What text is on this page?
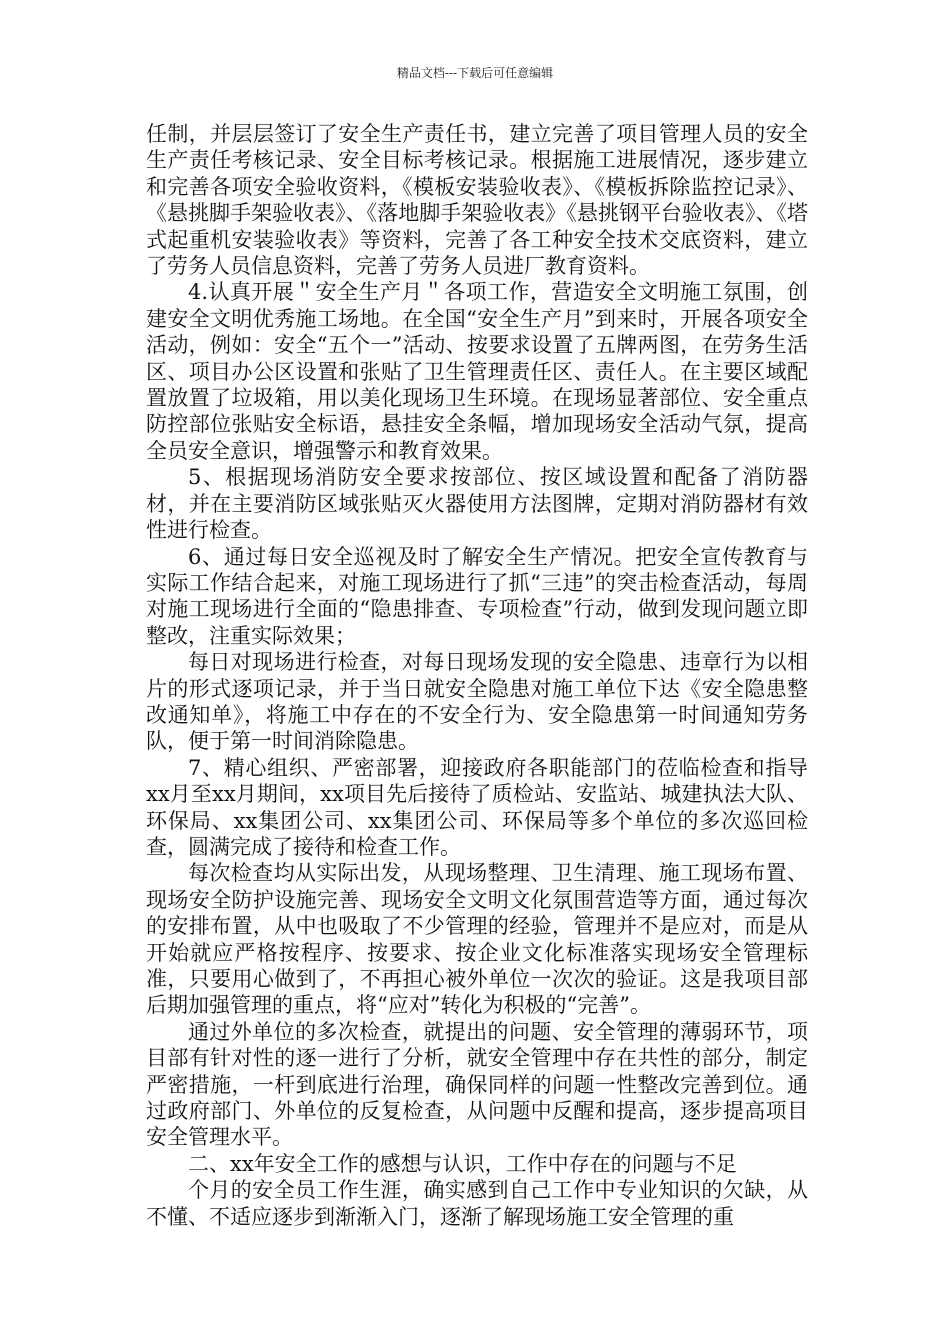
精品文档---下载后可任意编辑

任制，并层层签订了安全生产责任书，建立完善了项目管理人员的安全生产责任考核记录、安全目标考核记录。根据施工进展情况，逐步建立和完善各项安全验收资料，《模板安装验收表》、《模板拆除监控记录》、《悬挑脚手架验收表》、《落地脚手架验收表》《悬挑钢平台验收表》、《塔式起重机安装验收表》等资料，完善了各工种安全技术交底资料，建立了劳务人员信息资料，完善了劳务人员进厂教育资料。

4.认真开展＂安全生产月＂各项工作，营造安全文明施工氛围，创建安全文明优秀施工场地。在全国“安全生产月”到来时，开展各项安全活动，例如：安全“五个一”活动、按要求设置了五牌两图，在劳务生活区、项目办公区设置和张贴了卫生管理责任区、责任人。在主要区域配置放置了垃圾箱，用以美化现场卫生环境。在现场显著部位、安全重点防控部位张贴安全标语，悬挂安全条幅，增加现场安全活动气氛，提高全员安全意识，增强警示和教育效果。

5、根据现场消防安全要求按部位、按区域设置和配备了消防器材，并在主要消防区域张贴灭火器使用方法图牌，定期对消防器材有效性进行检查。

6、通过每日安全巡视及时了解安全生产情况。把安全宣传教育与实际工作结合起来，对施工现场进行了抓“三违”的突击检查活动，每周对施工现场进行全面的“隐患排查、专项检查”行动，做到发现问题立即整改，注重实际效果；

每日对现场进行检查，对每日现场发现的安全隐患、违章行为以相片的形式逐项记录，并于当日就安全隐患对施工单位下达《安全隐患整改通知单》，将施工中存在的不安全行为、安全隐患第一时间通知劳务队，便于第一时间消除隐患。

7、精心组织、严密部署，迎接政府各职能部门的莅临检查和指导xx月至xx月期间，xx项目先后接待了质检站、安监站、城建执法大队、环保局、xx集团公司、xx集团公司、环保局等多个单位的多次巡回检查，圆满完成了接待和检查工作。

每次检查均从实际出发，从现场整理、卫生清理、施工现场布置、现场安全防护设施完善、现场安全文明文化氛围营造等方面，通过每次的安排布置，从中也吸取了不少管理的经验，管理并不是应对，而是从开始就应严格按程序、按要求、按企业文化标准落实现场安全管理标准，只要用心做到了，不再担心被外单位一次次的验证。这是我项目部后期加强管理的重点，将“应对”转化为积极的“完善”。

通过外单位的多次检查，就提出的问题、安全管理的薄弱环节，项目部有针对性的逐一进行了分析，就安全管理中存在共性的部分，制定严密措施，一杆到底进行治理，确保同样的问题一性整改完善到位。通过政府部门、外单位的反复检查，从问题中反醒和提高，逐步提高项目安全管理水平。

二、xx年安全工作的感想与认识，工作中存在的问题与不足

个月的安全员工作生涯，确实感到自己工作中专业知识的欠缺，从不懂、不适应逐步到渐渐入门，逐渐了解现场施工安全管理的重
